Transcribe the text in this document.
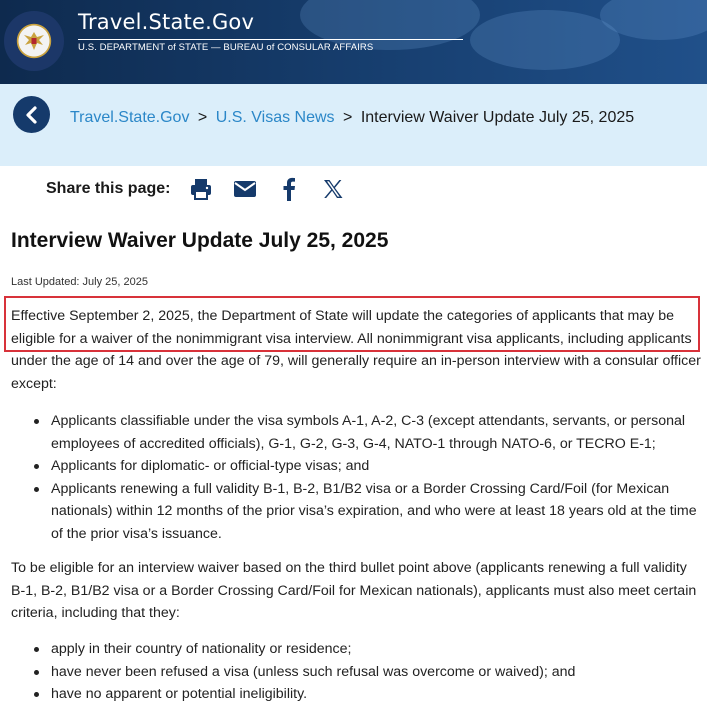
Travel.State.Gov
U.S. DEPARTMENT of STATE — BUREAU of CONSULAR AFFAIRS
Travel.State.Gov > U.S. Visas News > Interview Waiver Update July 25, 2025
Share this page:
Interview Waiver Update July 25, 2025
Last Updated: July 25, 2025

Effective September 2, 2025, the Department of State will update the categories of applicants that may be eligible for a waiver of the nonimmigrant visa interview. All nonimmigrant visa applicants, including applicants under the age of 14 and over the age of 79, will generally require an in-person interview with a consular officer except:

Applicants classifiable under the visa symbols A-1, A-2, C-3 (except attendants, servants, or personal employees of accredited officials), G-1, G-2, G-3, G-4, NATO-1 through NATO-6, or TECRO E-1;
Applicants for diplomatic- or official-type visas; and
Applicants renewing a full validity B-1, B-2, B1/B2 visa or a Border Crossing Card/Foil (for Mexican nationals) within 12 months of the prior visa’s expiration, and who were at least 18 years old at the time of the prior visa’s issuance.

To be eligible for an interview waiver based on the third bullet point above (applicants renewing a full validity B-1, B-2, B1/B2 visa or a Border Crossing Card/Foil for Mexican nationals), applicants must also meet certain criteria, including that they:

apply in their country of nationality or residence;
have never been refused a visa (unless such refusal was overcome or waived); and
have no apparent or potential ineligibility.
